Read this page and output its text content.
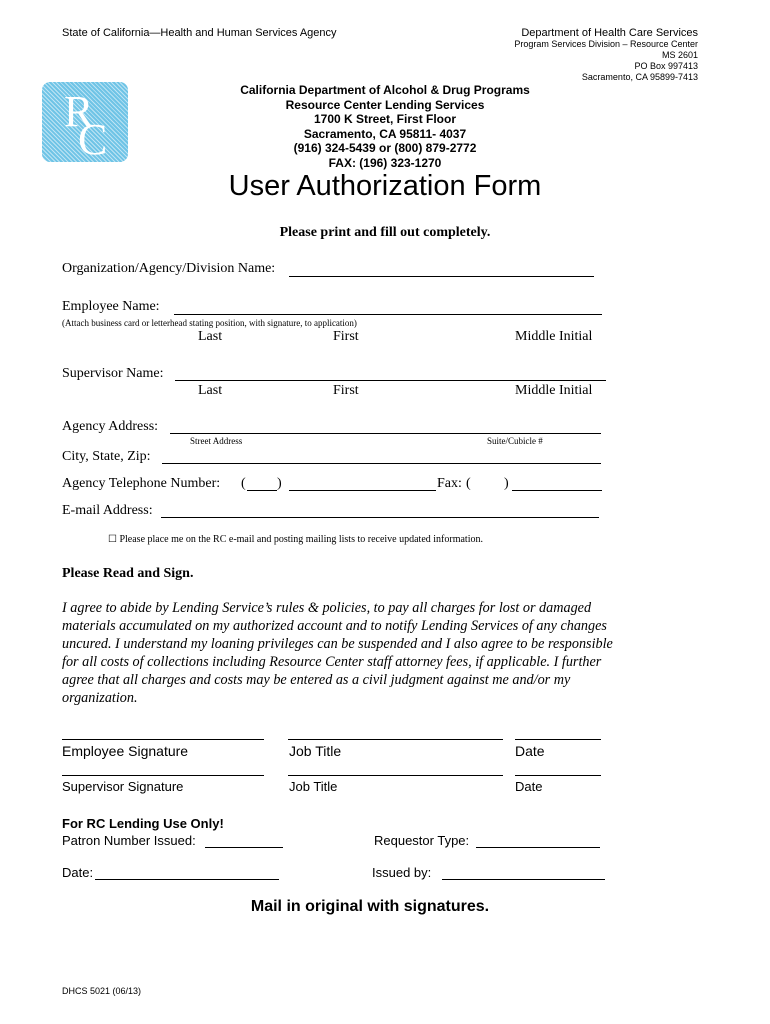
State of California—Health and Human Services Agency	Department of Health Care Services
Program Services Division – Resource Center
MS 2601
PO Box 997413
Sacramento, CA 95899-7413
R
C
California Department of Alcohol & Drug Programs
Resource Center Lending Services
1700 K Street, First Floor
Sacramento, CA 95811- 4037
(916) 324-5439 or (800) 879-2772
FAX: (196) 323-1270
User Authorization Form
Please print and fill out completely.
Organization/Agency/Division Name:
Employee Name:
(Attach business card or letterhead stating position, with signature, to application)
Last	First	Middle Initial
Supervisor Name:
Last	First	Middle Initial
Agency Address:
Street Address	Suite/Cubicle #
City, State, Zip:
Agency Telephone Number: ( )	Fax: ( )
E-mail Address:
☐ Please place me on the RC e-mail and posting mailing lists to receive updated information.
Please Read and Sign.
I agree to abide by Lending Service’s rules & policies, to pay all charges for lost or damaged materials accumulated on my authorized account and to notify Lending Services of any changes uncured. I understand my loaning privileges can be suspended and I also agree to be responsible for all costs of collections including Resource Center staff attorney fees, if applicable. I further agree that all charges and costs may be entered as a civil judgment against me and/or my organization.
Employee Signature	Job Title	Date
Supervisor Signature	Job Title	Date
For RC Lending Use Only!
Patron Number Issued:	Requestor Type:
Date:	Issued by:
Mail in original with signatures.
DHCS 5021 (06/13)
